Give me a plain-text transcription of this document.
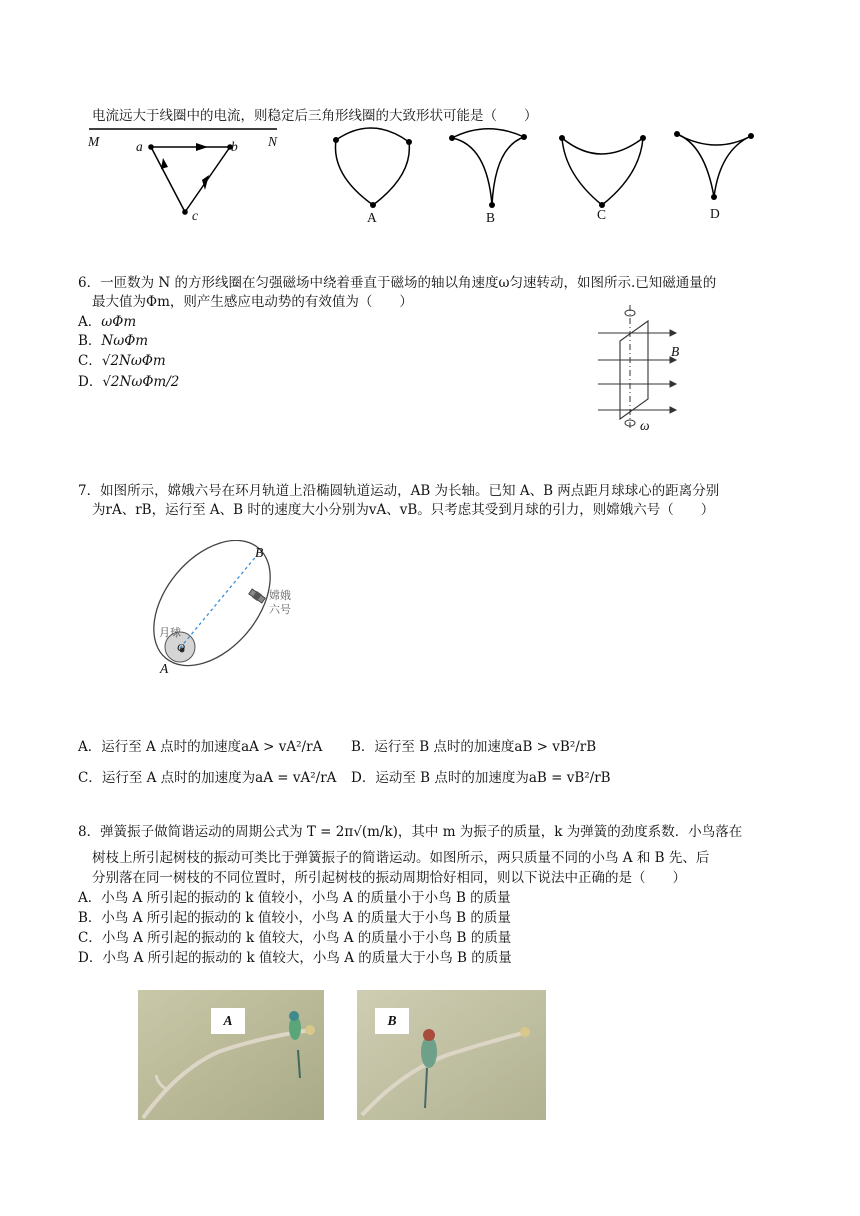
电流远大于线圈中的电流，则稳定后三角形线圈的大致形状可能是（　　）
M	N
a	b
c	A	B	C	D
6．一匝数为 N 的方形线圈在匀强磁场中绕着垂直于磁场的轴以角速度ω匀速转动，如图所示.已知磁通量的
最大值为Φm，则产生感应电动势的有效值为（　　）
A．ωΦm
B．NωΦm
C．√2NωΦm
D．√2NωΦm/2
B
ω
7．如图所示，嫦娥六号在环月轨道上沿椭圆轨道运动，AB 为长轴。已知 A、B 两点距月球球心的距离分别
为rA、rB，运行至 A、B 时的速度大小分别为vA、vB。只考虑其受到月球的引力，则嫦娥六号（　　）
B
A
O
月球
嫦娥
六号
A．运行至 A 点时的加速度aA > vA²/rA B．运行至 B 点时的加速度aB > vB²/rB
C．运行至 A 点时的加速度为aA = vA²/rA D．运动至 B 点时的加速度为aB = vB²/rB
8．弹簧振子做简谐运动的周期公式为 T = 2π√(m/k)，其中 m 为振子的质量，k 为弹簧的劲度系数．小鸟落在
树枝上所引起树枝的振动可类比于弹簧振子的简谐运动。如图所示，两只质量不同的小鸟 A 和 B 先、后
分别落在同一树枝的不同位置时，所引起树枝的振动周期恰好相同，则以下说法中正确的是（　　）
A．小鸟 A 所引起的振动的 k 值较小，小鸟 A 的质量小于小鸟 B 的质量
B．小鸟 A 所引起的振动的 k 值较小，小鸟 A 的质量大于小鸟 B 的质量
C．小鸟 A 所引起的振动的 k 值较大，小鸟 A 的质量小于小鸟 B 的质量
D．小鸟 A 所引起的振动的 k 值较大，小鸟 A 的质量大于小鸟 B 的质量
A	B
